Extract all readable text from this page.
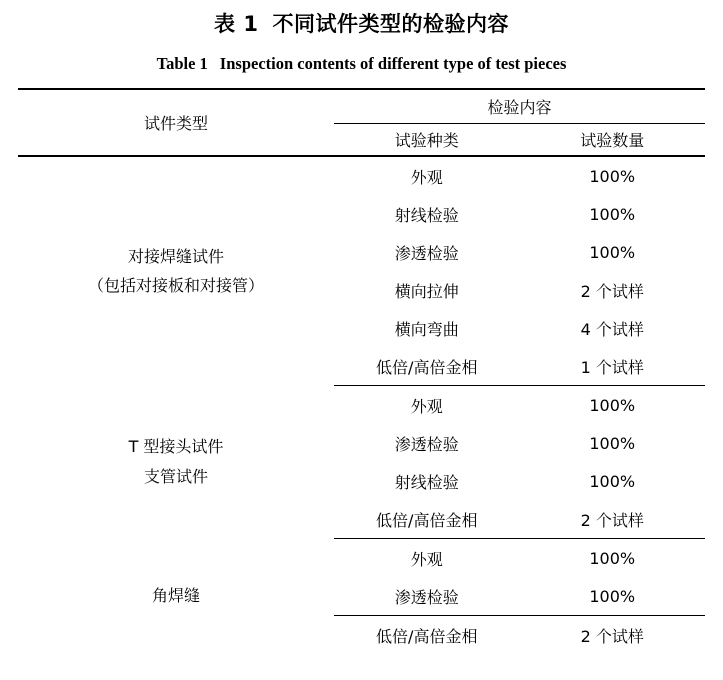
表 1 不同试件类型的检验内容
Table 1 Inspection contents of different type of test pieces
试件类型	检验内容	
	试验种类	试验数量

对接焊缝试件
（包括对接板和对接管）	外观	100%
	射线检验	100%
	渗透检验	100%
	横向拉伸	2 个试样
	横向弯曲	4 个试样
	低倍/高倍金相	1 个试样

T 型接头试件
支管试件	外观	100%
	渗透检验	100%
	射线检验	100%
	低倍/高倍金相	2 个试样

角焊缝	外观	100%
	渗透检验	100%
	低倍/高倍金相	2 个试样
